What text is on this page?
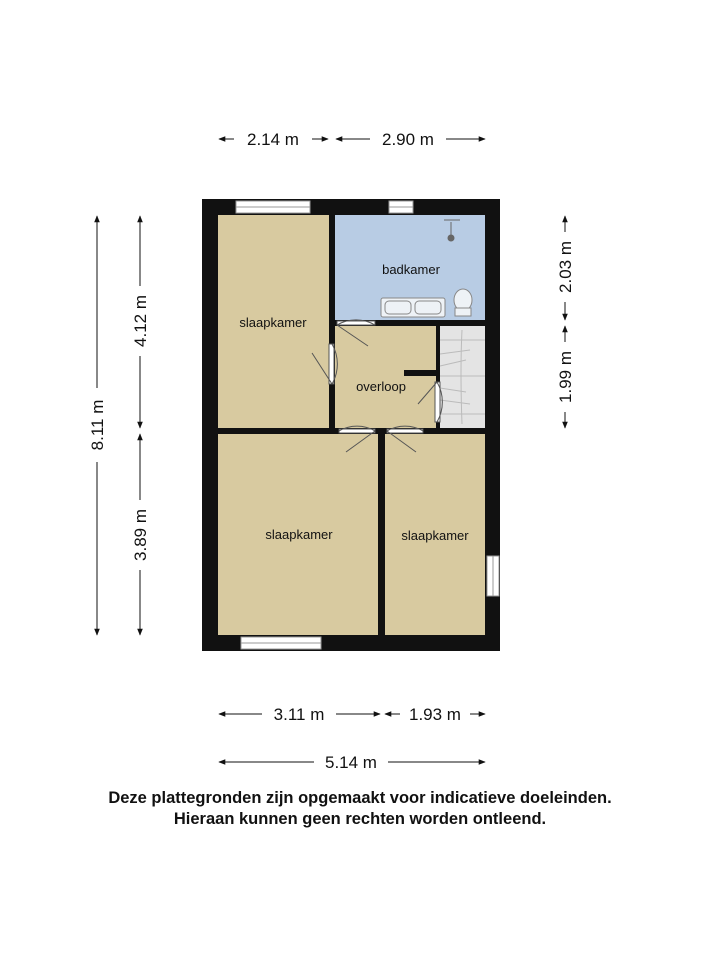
slaapkamer
badkamer
overloop
slaapkamer	slaapkamer
2.14 m	2.90 m
3.11 m	1.93 m
5.14 m
8.11 m
4.12 m
3.89 m
2.03 m
1.99 m
Deze plattegronden zijn opgemaakt voor indicatieve doeleinden.
Hieraan kunnen geen rechten worden ontleend.
